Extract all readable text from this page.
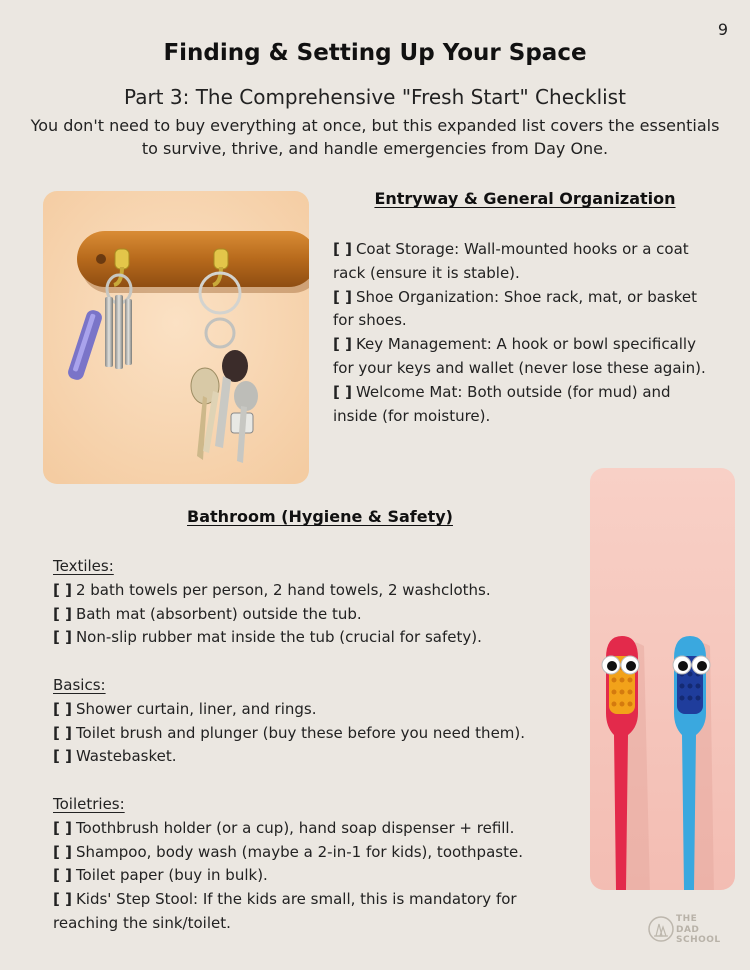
9
Finding & Setting Up Your Space
Part 3: The Comprehensive "Fresh Start" Checklist

You don't need to buy everything at once, but this expanded list covers the essentials to survive, thrive, and handle emergencies from Day One.

Entryway & General Organization
[ ] Coat Storage: Wall-mounted hooks or a coat rack (ensure it is stable).
[ ] Shoe Organization: Shoe rack, mat, or basket for shoes.
[ ] Key Management: A hook or bowl specifically for your keys and wallet (never lose these again).
[ ] Welcome Mat: Both outside (for mud) and inside (for moisture).
Bathroom (Hygiene & Safety)
Textiles:
[ ] 2 bath towels per person, 2 hand towels, 2 washcloths.
[ ] Bath mat (absorbent) outside the tub.
[ ] Non-slip rubber mat inside the tub (crucial for safety).
Basics:
[ ] Shower curtain, liner, and rings.
[ ] Toilet brush and plunger (buy these before you need them).
[ ] Wastebasket.
Toiletries:
[ ] Toothbrush holder (or a cup), hand soap dispenser + refill.
[ ] Shampoo, body wash (maybe a 2-in-1 for kids), toothpaste.
[ ] Toilet paper (buy in bulk).
[ ] Kids' Step Stool: If the kids are small, this is mandatory for reaching the sink/toilet.	THE
DAD
SCHOOL
